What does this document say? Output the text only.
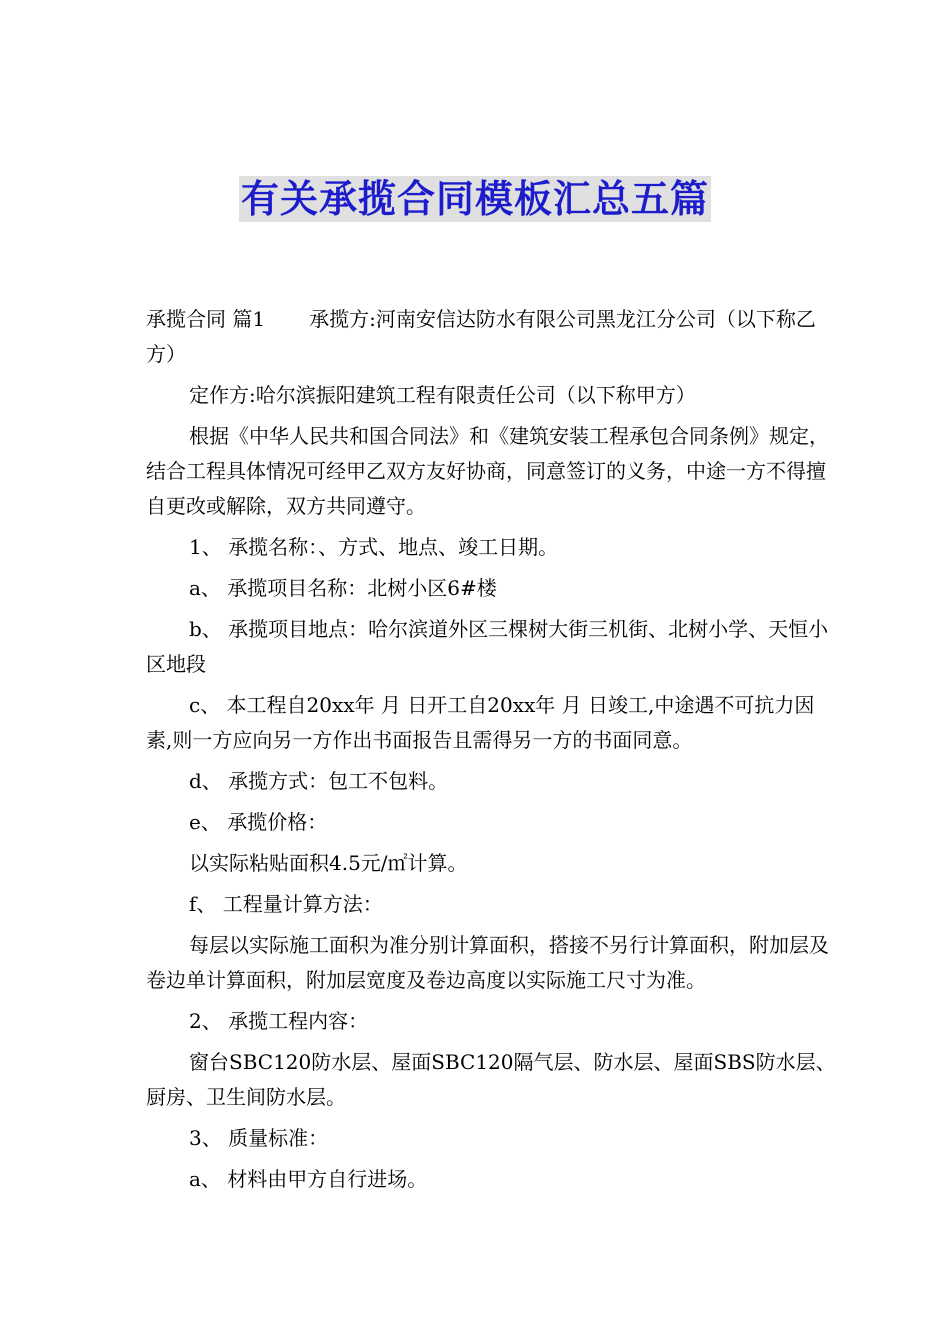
有关承揽合同模板汇总五篇

承揽合同 篇1 承揽方:河南安信达防水有限公司黑龙江分公司（以下称乙方）

定作方:哈尔滨振阳建筑工程有限责任公司（以下称甲方）

根据《中华人民共和国合同法》和《建筑安装工程承包合同条例》规定，结合工程具体情况可经甲乙双方友好协商，同意签订的义务，中途一方不得擅自更改或解除，双方共同遵守。

1、 承揽名称：、方式、地点、竣工日期。

a、 承揽项目名称：北树小区6#楼

b、 承揽项目地点：哈尔滨道外区三棵树大街三机街、北树小学、天恒小区地段

c、 本工程自20xx年 月 日开工自20xx年 月 日竣工,中途遇不可抗力因素,则一方应向另一方作出书面报告且需得另一方的书面同意。

d、 承揽方式：包工不包料。

e、 承揽价格：

以实际粘贴面积4.5元/㎡计算。

f、 工程量计算方法：

每层以实际施工面积为准分别计算面积，搭接不另行计算面积，附加层及卷边单计算面积，附加层宽度及卷边高度以实际施工尺寸为准。

2、 承揽工程内容：

窗台SBC120防水层、屋面SBC120隔气层、防水层、屋面SBS防水层、厨房、卫生间防水层。

3、 质量标准：

a、 材料由甲方自行进场。
